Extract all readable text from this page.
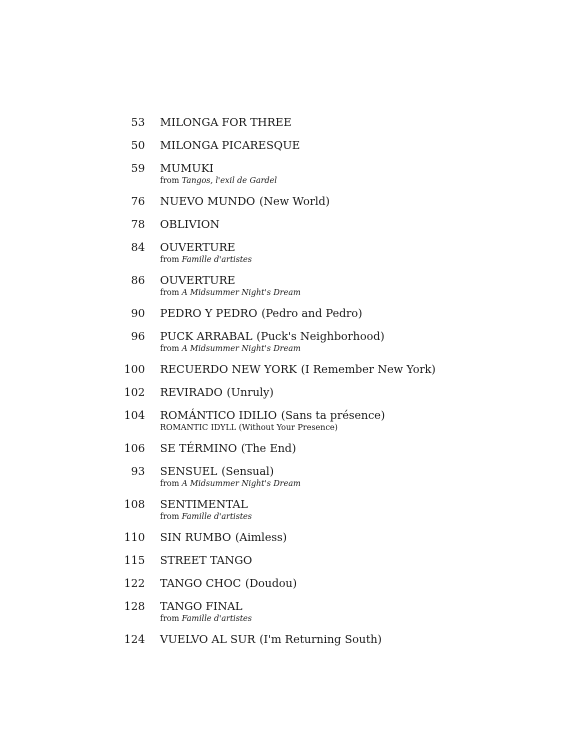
53 MILONGA FOR THREE
50 MILONGA PICARESQUE
59 MUMUKI
from Tangos, l'exil de Gardel
76 NUEVO MUNDO (New World)
78 OBLIVION
84 OUVERTURE
from Famille d'artistes
86 OUVERTURE
from A Midsummer Night's Dream
90 PEDRO Y PEDRO (Pedro and Pedro)
96 PUCK ARRABAL (Puck's Neighborhood)
from A Midsummer Night's Dream
100 RECUERDO NEW YORK (I Remember New York)
102 REVIRADO (Unruly)
104 ROMÁNTICO IDILIO (Sans ta présence)
ROMANTIC IDYLL (Without Your Presence)
106 SE TÉRMINO (The End)
93 SENSUEL (Sensual)
from A Midsummer Night's Dream
108 SENTIMENTAL
from Famille d'artistes
110 SIN RUMBO (Aimless)
115 STREET TANGO
122 TANGO CHOC (Doudou)
128 TANGO FINAL
from Famille d'artistes
124 VUELVO AL SUR (I'm Returning South)
